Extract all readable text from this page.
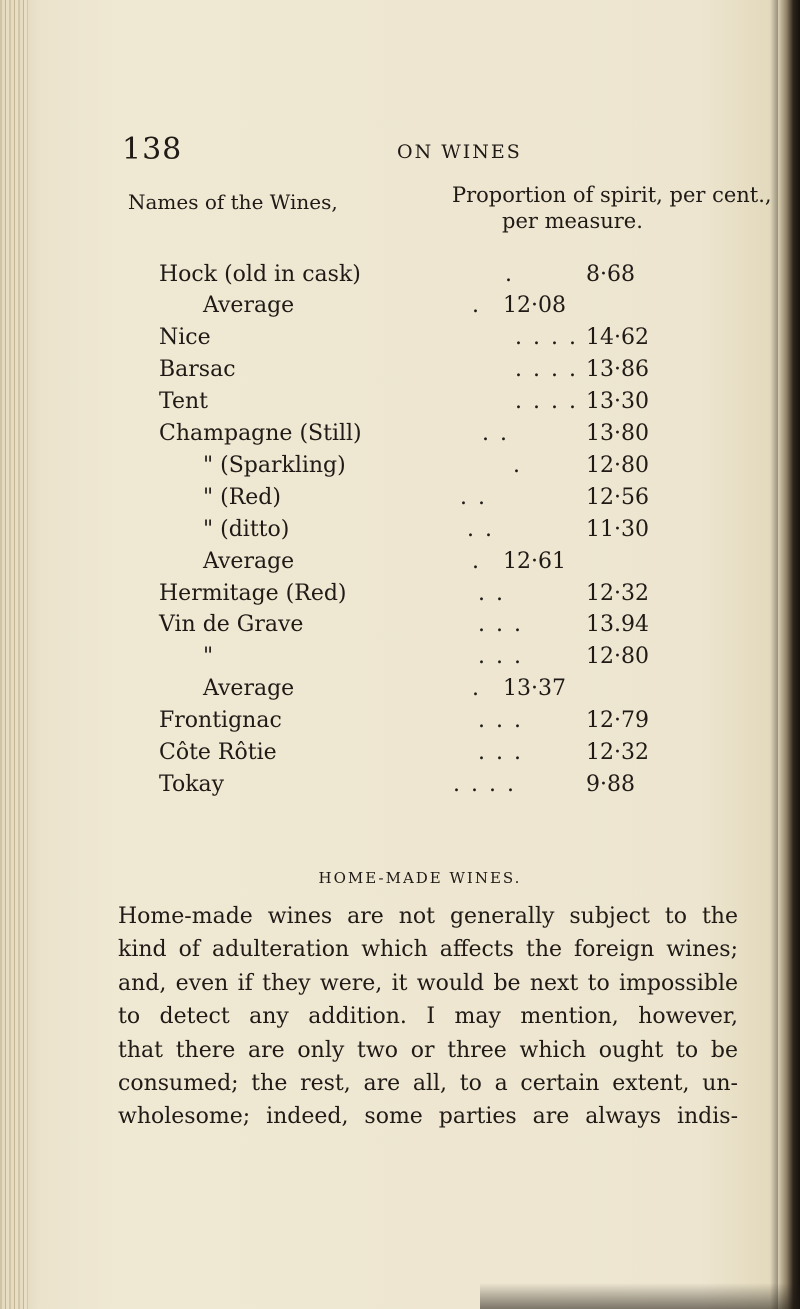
138	ON WINES
Names of the Wines,	Proportion of spirit, per cent.,
per measure.
Hock (old in cask)	.	8·68
Average	. 12·08
Nice	. . . . 14·62
Barsac	. . . . 13·86
Tent	. . . . 13·30
Champagne (Still)	. .	13·80
" (Sparkling)	.	12·80
" (Red)	. .	12·56
" (ditto)	. .	11·30
Average	. 12·61
Hermitage (Red)	. .	12·32
Vin de Grave	. . .	13.94
"	. . .	12·80
Average	. 13·37
Frontignac	. . .	12·79
Côte Rôtie	. . .	12·32
Tokay	. . . .	9·88
HOME-MADE WINES.
Home-made wines are not generally subject to the
kind of adulteration which affects the foreign wines;
and, even if they were, it would be next to impossible
to detect any addition. I may mention, however,
that there are only two or three which ought to be
consumed; the rest, are all, to a certain extent, un-
wholesome; indeed, some parties are always indis-
